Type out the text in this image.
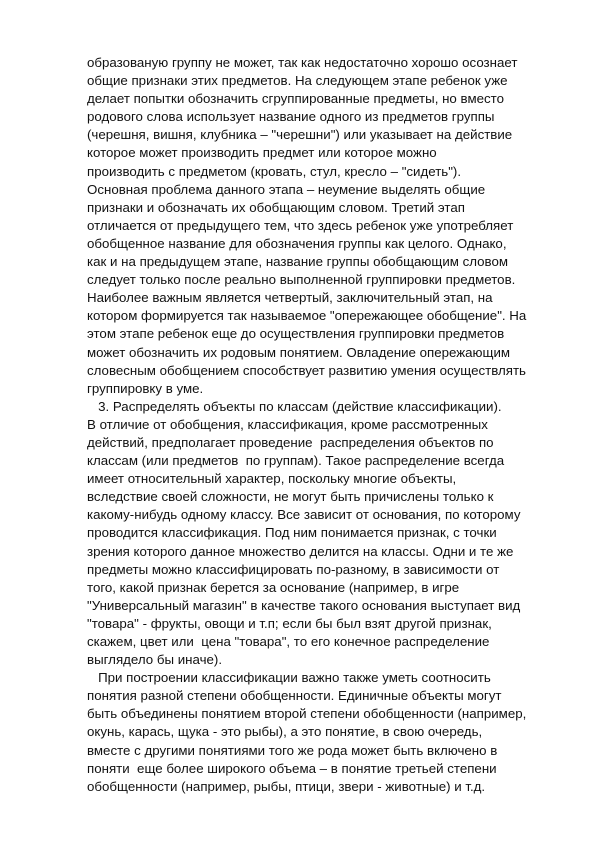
образованую группу не может, так как недостаточно хорошо осознает
общие признаки этих предметов. На следующем этапе ребенок уже
делает попытки обозначить сгруппированные предметы, но вместо
родового слова использует название одного из предметов группы
(черешня, вишня, клубника – "черешни") или указывает на действие
которое может производить предмет или которое можно
производить с предметом (кровать, стул, кресло – "сидеть").
Основная проблема данного этапа – неумение выделять общие
признаки и обозначать их обобщающим словом. Третий этап
отличается от предыдущего тем, что здесь ребенок уже употребляет
обобщенное название для обозначения группы как целого. Однако,
как и на предыдущем этапе, название группы обобщающим словом
следует только после реально выполненной группировки предметов.
Наиболее важным является четвертый, заключительный этап, на
котором формируется так называемое "опережающее обобщение". На
этом этапе ребенок еще до осуществления группировки предметов
может обозначить их родовым понятием. Овладение опережающим
словесным обобщением способствует развитию умения осуществлять
группировку в уме.
3. Распределять объекты по классам (действие классификации).
В отличие от обобщения, классификация, кроме рассмотренных
действий, предполагает проведение  распределения объектов по
классам (или предметов  по группам). Такое распределение всегда
имеет относительный характер, поскольку многие объекты,
вследствие своей сложности, не могут быть причислены только к
какому-нибудь одному классу. Все зависит от основания, по которому
проводится классификация. Под ним понимается признак, с точки
зрения которого данное множество делится на классы. Одни и те же
предметы можно классифицировать по-разному, в зависимости от
того, какой признак берется за основание (например, в игре
"Универсальный магазин" в качестве такого основания выступает вид
"товара" - фрукты, овощи и т.п; если бы был взят другой признак,
скажем, цвет или  цена "товара", то его конечное распределение
выглядело бы иначе).
При построении классификации важно также уметь соотносить
понятия разной степени обобщенности. Единичные объекты могут
быть объединены понятием второй степени обобщенности (например,
окунь, карась, щука - это рыбы), а это понятие, в свою очередь,
вместе с другими понятиями того же рода может быть включено в
поняти  еще более широкого объема – в понятие третьей степени
обобщенности (например, рыбы, птици, звери - животные) и т.д.
